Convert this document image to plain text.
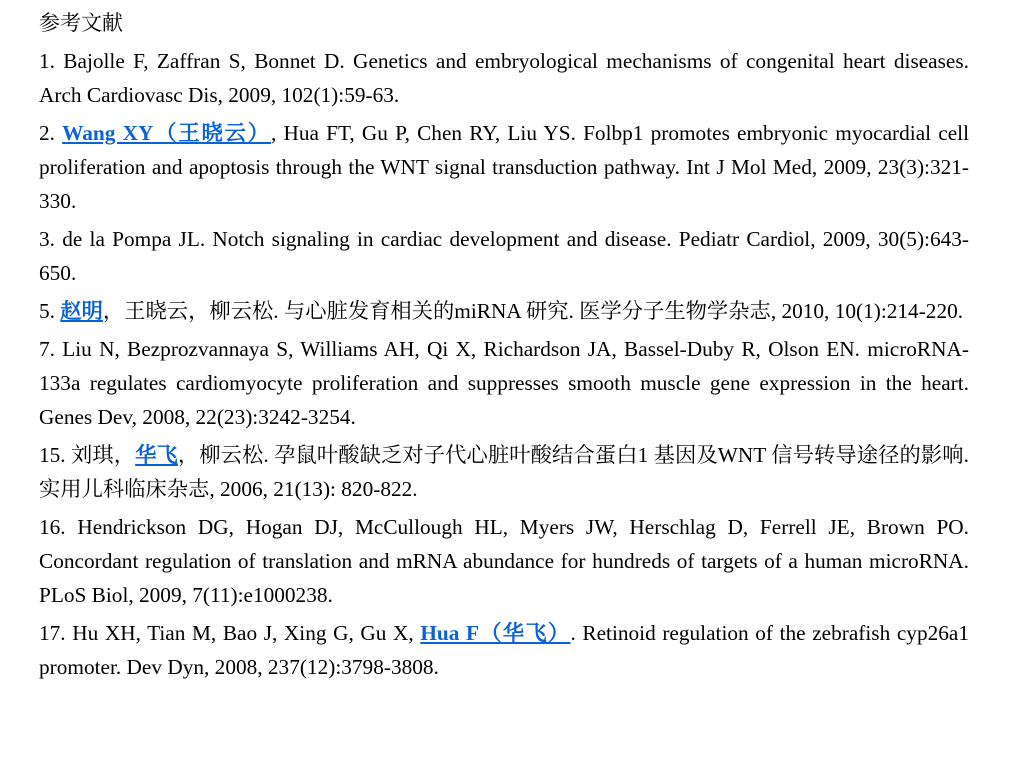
参考文献
1. Bajolle F, Zaffran S, Bonnet D. Genetics and embryological mechanisms of congenital heart diseases. Arch Cardiovasc Dis, 2009, 102(1):59-63.
2. Wang XY（王晓云）, Hua FT, Gu P, Chen RY, Liu YS. Folbp1 promotes embryonic myocardial cell proliferation and apoptosis through the WNT signal transduction pathway. Int J Mol Med, 2009, 23(3):321-330.
3. de la Pompa JL. Notch signaling in cardiac development and disease. Pediatr Cardiol, 2009, 30(5):643-650.
5. 赵明，王晓云，柳云松. 与心脏发育相关的miRNA 研究. 医学分子生物学杂志, 2010, 10(1):214-220.
7. Liu N, Bezprozvannaya S, Williams AH, Qi X, Richardson JA, Bassel-Duby R, Olson EN. microRNA-133a regulates cardiomyocyte proliferation and suppresses smooth muscle gene expression in the heart. Genes Dev, 2008, 22(23):3242-3254.
15. 刘琪，华飞，柳云松. 孕鼠叶酸缺乏对子代心脏叶酸结合蛋白1 基因及WNT 信号转导途径的影响. 实用儿科临床杂志, 2006, 21(13): 820-822.
16. Hendrickson DG, Hogan DJ, McCullough HL, Myers JW, Herschlag D, Ferrell JE, Brown PO. Concordant regulation of translation and mRNA abundance for hundreds of targets of a human microRNA. PLoS Biol, 2009, 7(11):e1000238.
17. Hu XH, Tian M, Bao J, Xing G, Gu X, Hua F（华飞）. Retinoid regulation of the zebrafish cyp26a1 promoter. Dev Dyn, 2008, 237(12):3798-3808.
